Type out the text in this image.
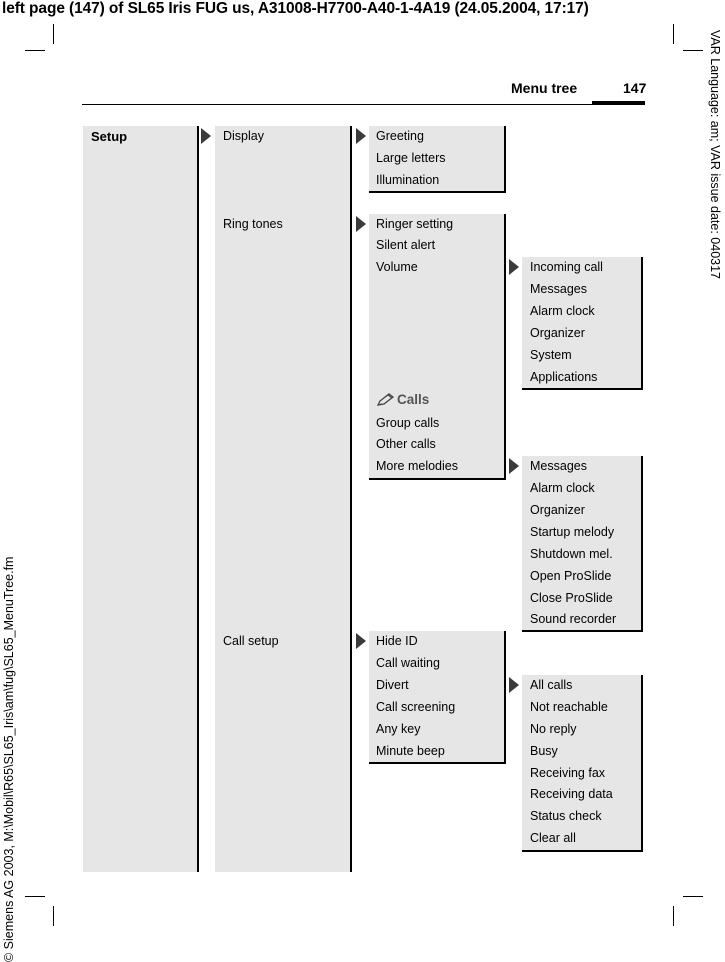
left page (147) of SL65 Iris FUG us, A31008-H7700-A40-1-4A19 (24.05.2004, 17:17)
VAR Language: am; VAR issue date: 040317
© Siemens AG 2003, M:\Mobil\R65\SL65_Iris\am\fug\SL65_MenuTree.fm
Menu tree	147
Setup	Display
Ring tones
Call setup
Greeting
Large letters
Illumination
Ringer setting
Silent alert
Volume
Calls
Group calls
Other calls
More melodies
Incoming call
Messages
Alarm clock
Organizer
System
Applications
Messages
Alarm clock
Organizer
Startup melody
Shutdown mel.
Open ProSlide
Close ProSlide
Sound recorder
Hide ID
Call waiting
Divert
Call screening
Any key
Minute beep
All calls
Not reachable
No reply
Busy
Receiving fax
Receiving data
Status check
Clear all
